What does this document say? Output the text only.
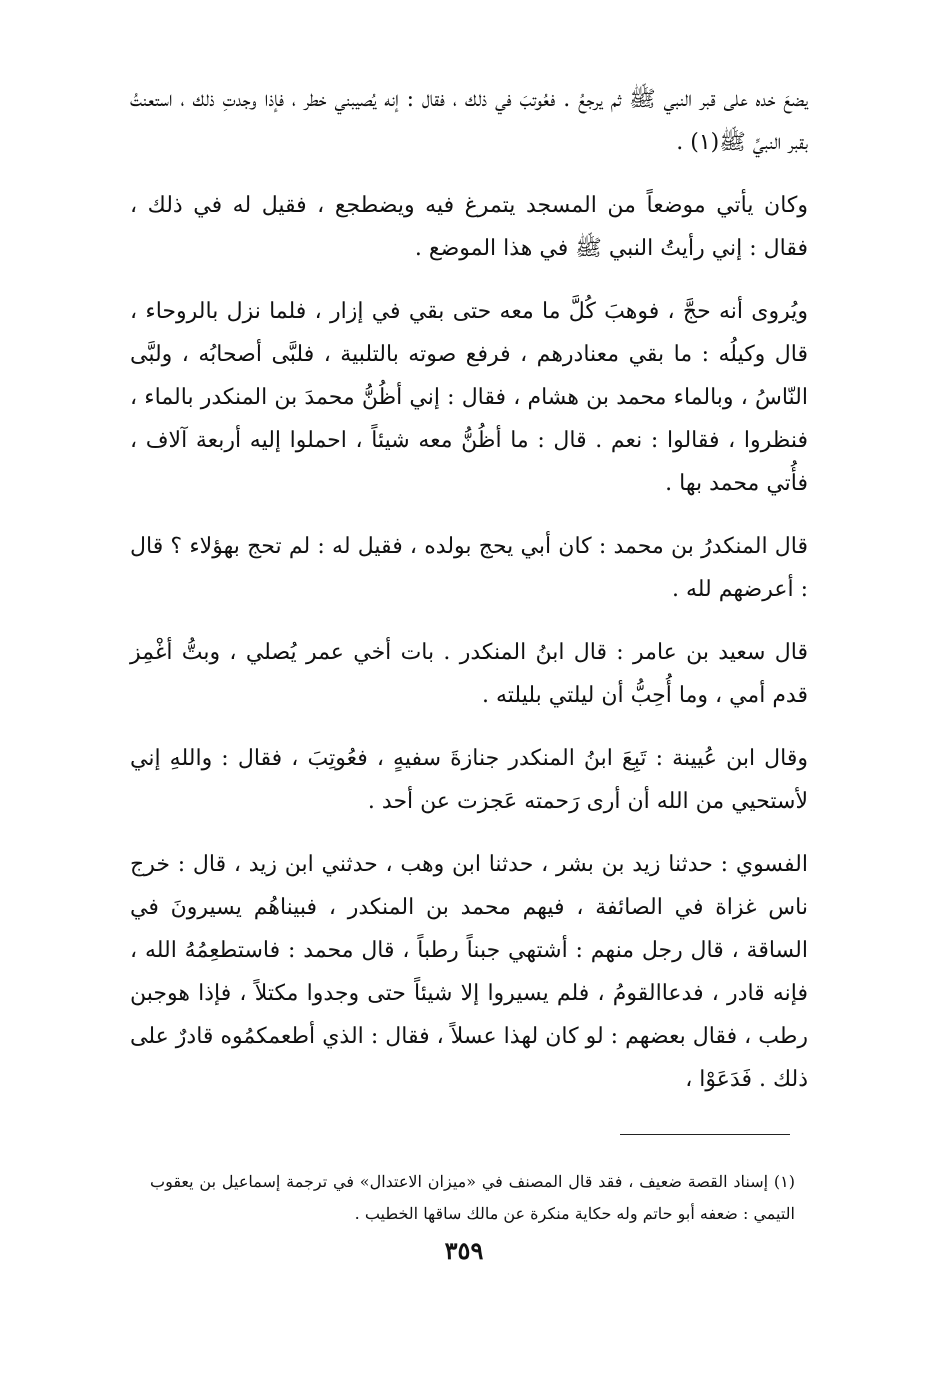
يضعَ خده على قبر النبي ﷺ ثم يرجعُ . فعُوتبَ في ذلك ، فقال : إنه يُصيبني خطر ، فإذا وجدتِ ذلك ، استعنتُ بقبر النبيِّ ﷺ(١) .

وكان يأتي موضعاً من المسجد يتمرغ فيه ويضطجع ، فقيل له في ذلك ، فقال : إني رأيتُ النبي ﷺ في هذا الموضع .

ويُروى أنه حجَّ ، فوهبَ كُلَّ ما معه حتى بقي في إزار ، فلما نزل بالروحاء ، قال وكيلُه : ما بقي معنادرهم ، فرفع صوته بالتلبية ، فلبَّى أصحابُه ، ولبَّى النّاسُ ، وبالماء محمد بن هشام ، فقال : إني أظُنُّ محمدَ بن المنكدر بالماء ، فنظروا ، فقالوا : نعم . قال : ما أظُنُّ معه شيئاً ، احملوا إليه أربعة آلاف ، فأُتي محمد بها .

قال المنكدرُ بن محمد : كان أبي يحج بولده ، فقيل له : لم تحج بهؤلاء ؟ قال : أعرضهم لله .

قال سعيد بن عامر : قال ابنُ المنكدر . بات أخي عمر يُصلي ، وبتُّ أغْمِز قدم أمي ، وما أُحِبُّ أن ليلتي بليلته .

وقال ابن عُيينة : تَبِعَ ابنُ المنكدر جنازةَ سفيهٍ ، فعُوتِبَ ، فقال : واللهِ إني لأستحيي من الله أن أرى رَحمته عَجزت عن أحد .

الفسوي : حدثنا زيد بن بشر ، حدثنا ابن وهب ، حدثني ابن زيد ، قال : خرج ناس غزاة في الصائفة ، فيهم محمد بن المنكدر ، فبيناهُم يسيرونَ في الساقة ، قال رجل منهم : أشتهي جبناً رطباً ، قال محمد : فاستطعِمُهُ الله ، فإنه قادر ، فدعاالقومُ ، فلم يسيروا إلا شيئاً حتى وجدوا مكتلاً ، فإذا هوجبن رطب ، فقال بعضهم : لو كان لهذا عسلاً ، فقال : الذي أطعمكمُوه قادرٌ على ذلك . فَدَعَوْا ،

(١) إسناد القصة ضعيف ، فقد قال المصنف في «ميزان الاعتدال» في ترجمة إسماعيل بن يعقوب التيمي : ضعفه أبو حاتم وله حكاية منكرة عن مالك ساقها الخطيب .

٣٥٩
